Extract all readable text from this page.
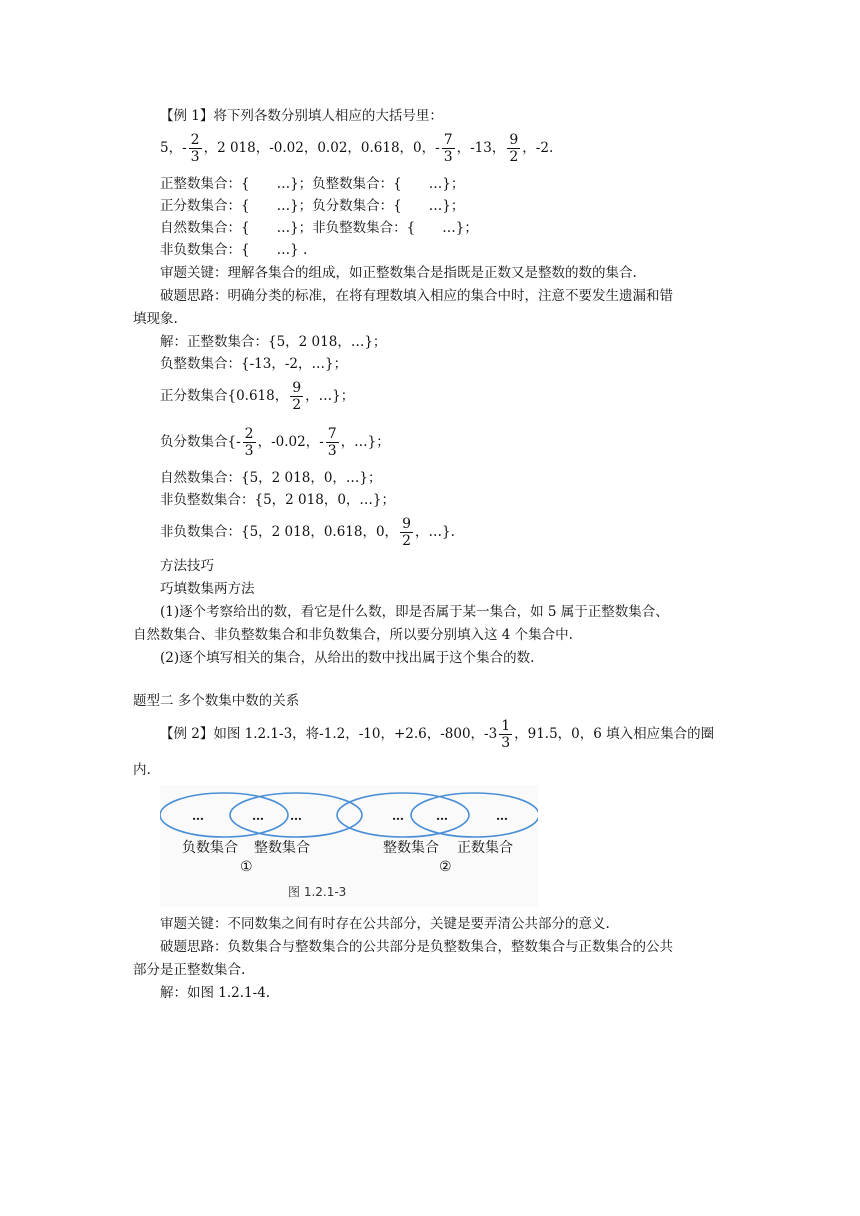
【例 1】将下列各数分别填人相应的大括号里：
5，- $\frac{2}{3}$ ，2 018，-0.02，0.02，0.618，0，- $\frac{7}{3}$ ，-13， $\frac{9}{2}$ ，-2.
正整数集合：{　　…}；负整数集合：{　　…}；
正分数集合：{　　…}；负分数集合：{　　…}；
自然数集合：{　　…}；非负整数集合：{　　…}；
非负数集合：{　　…} .
审题关键：理解各集合的组成，如正整数集合是指既是正数又是整数的数的集合.
破题思路：明确分类的标准，在将有理数填入相应的集合中时，注意不要发生遗漏和错
填现象.
解：正整数集合：{5，2 018，…}；
负整数集合：{-13，-2，…}；
正分数集合{0.618， $\frac{9}{2}$ ，…}；
负分数集合{- $\frac{2}{3}$ ，-0.02，- $\frac{7}{3}$ ，…}；
自然数集合：{5，2 018，0，…}；
非负整数集合：{5，2 018，0，…}；
非负数集合：{5，2 018，0.618，0， $\frac{9}{2}$ ，…}.
方法技巧
巧填数集两方法
(1)逐个考察给出的数，看它是什么数，即是否属于某一集合，如 5 属于正整数集合、
自然数集合、非负整数集合和非负数集合，所以要分别填入这 4 个集合中.
(2)逐个填写相关的集合，从给出的数中找出属于这个集合的数.
题型二 多个数集中数的关系
【例 2】如图 1.2.1-3，将-1.2，-10，+2.6，-800，$-3 \frac{1}{3}$ ，91.5，0，6 填入相应集合的圈
内.
…	… …	…	…	…
负数集合 整数集合
①
整数集合 正数集合
②
图 1.2.1-3
审题关键：不同数集之间有时存在公共部分，关键是要弄清公共部分的意义.
破题思路：负数集合与整数集合的公共部分是负整数集合，整数集合与正数集合的公共
部分是正整数集合.
解：如图 1.2.1-4.
